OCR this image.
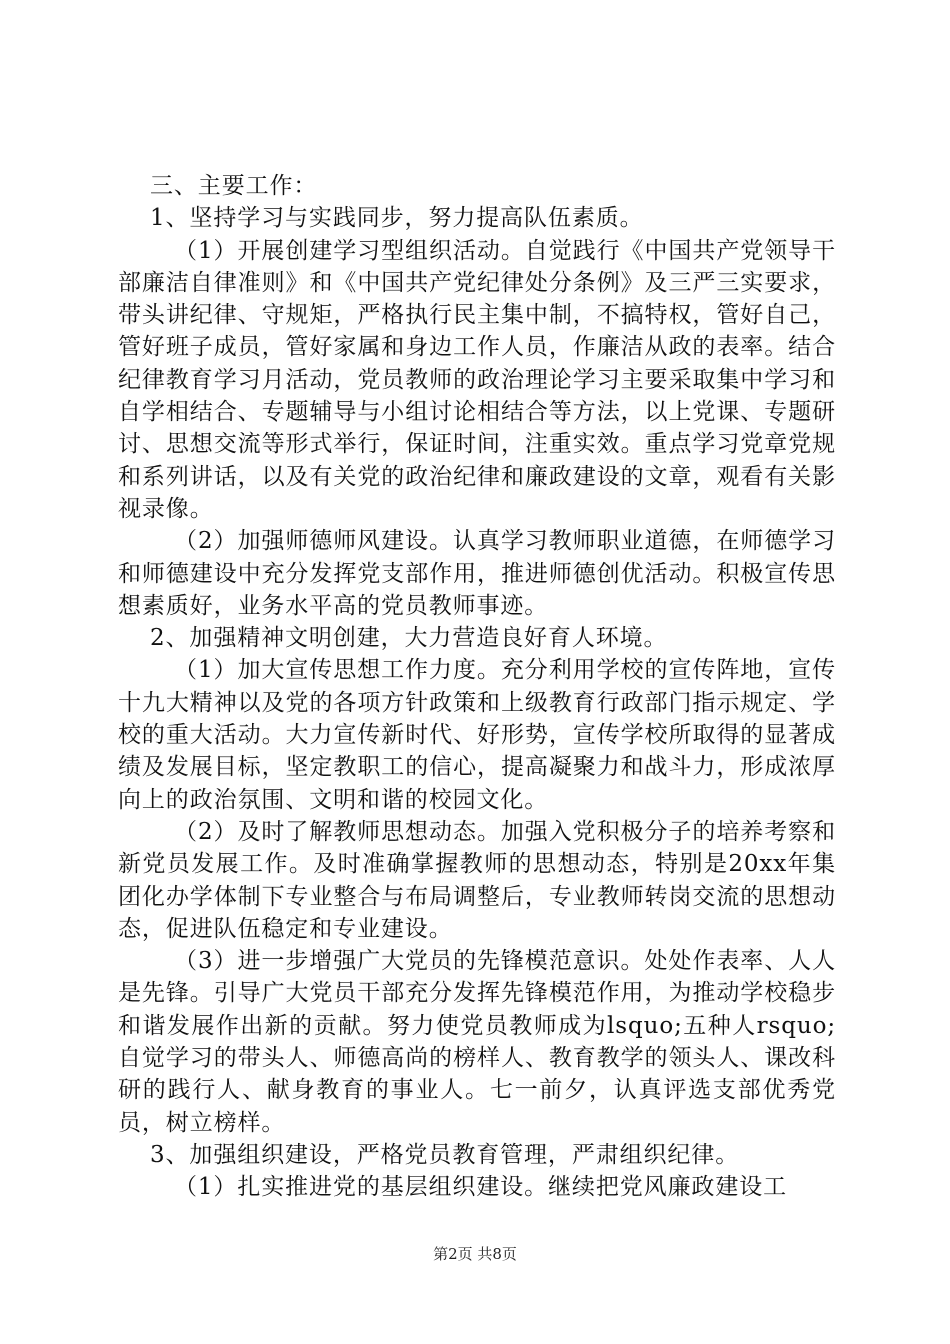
三、主要工作：

1、坚持学习与实践同步，努力提高队伍素质。

（1）开展创建学习型组织活动。自觉践行《中国共产党领导干部廉洁自律准则》和《中国共产党纪律处分条例》及三严三实要求，带头讲纪律、守规矩，严格执行民主集中制，不搞特权，管好自己，管好班子成员，管好家属和身边工作人员，作廉洁从政的表率。结合纪律教育学习月活动，党员教师的政治理论学习主要采取集中学习和自学相结合、专题辅导与小组讨论相结合等方法，以上党课、专题研讨、思想交流等形式举行，保证时间，注重实效。重点学习党章党规和系列讲话，以及有关党的政治纪律和廉政建设的文章，观看有关影视录像。

（2）加强师德师风建设。认真学习教师职业道德，在师德学习和师德建设中充分发挥党支部作用，推进师德创优活动。积极宣传思想素质好，业务水平高的党员教师事迹。

2、加强精神文明创建，大力营造良好育人环境。

（1）加大宣传思想工作力度。充分利用学校的宣传阵地，宣传十九大精神以及党的各项方针政策和上级教育行政部门指示规定、学校的重大活动。大力宣传新时代、好形势，宣传学校所取得的显著成绩及发展目标，坚定教职工的信心，提高凝聚力和战斗力，形成浓厚向上的政治氛围、文明和谐的校园文化。

（2）及时了解教师思想动态。加强入党积极分子的培养考察和新党员发展工作。及时准确掌握教师的思想动态，特别是20xx年集团化办学体制下专业整合与布局调整后，专业教师转岗交流的思想动态，促进队伍稳定和专业建设。

（3）进一步增强广大党员的先锋模范意识。处处作表率、人人是先锋。引导广大党员干部充分发挥先锋模范作用，为推动学校稳步和谐发展作出新的贡献。努力使党员教师成为lsquo;五种人rsquo;自觉学习的带头人、师德高尚的榜样人、教育教学的领头人、课改科研的践行人、献身教育的事业人。七一前夕，认真评选支部优秀党员，树立榜样。

3、加强组织建设，严格党员教育管理，严肃组织纪律。

（1）扎实推进党的基层组织建设。继续把党风廉政建设工

第2页 共8页
